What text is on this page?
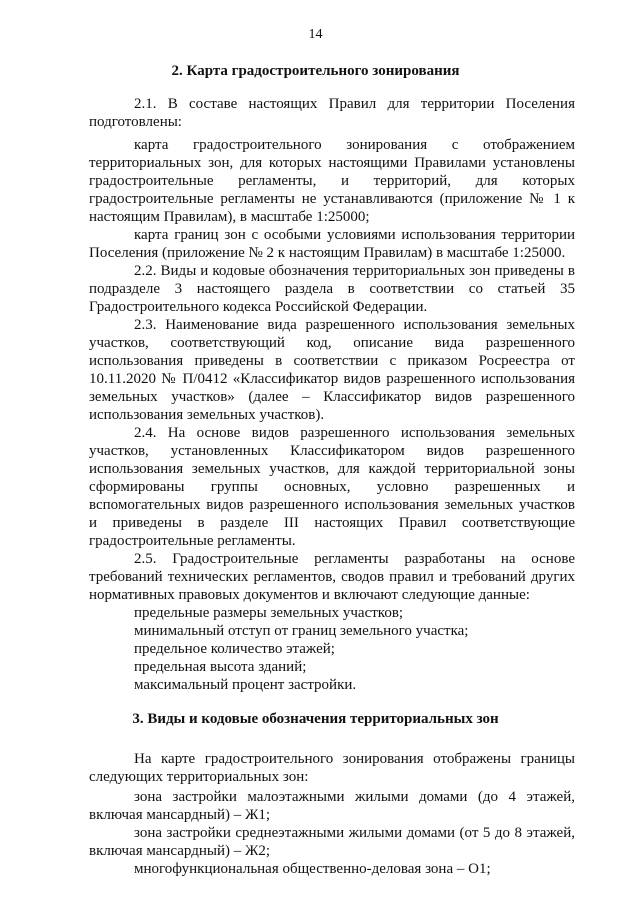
14
2. Карта градостроительного зонирования
2.1. В составе настоящих Правил для территории Поселения
подготовлены:
карта градостроительного зонирования с отображением
территориальных зон, для которых настоящими Правилами установлены
градостроительные регламенты, и территорий, для которых
градостроительные регламенты не устанавливаются (приложение № 1 к
настоящим Правилам), в масштабе 1:25000;
карта границ зон с особыми условиями использования территории
Поселения (приложение № 2 к настоящим Правилам) в масштабе 1:25000.
2.2. Виды и кодовые обозначения территориальных зон приведены в
подразделе 3 настоящего раздела в соответствии со статьей 35
Градостроительного кодекса Российской Федерации.
2.3. Наименование вида разрешенного использования земельных
участков, соответствующий код, описание вида разрешенного
использования приведены в соответствии с приказом Росреестра от
10.11.2020 № П/0412 «Классификатор видов разрешенного использования
земельных участков» (далее – Классификатор видов разрешенного
использования земельных участков).
2.4. На основе видов разрешенного использования земельных
участков, установленных Классификатором видов разрешенного
использования земельных участков, для каждой территориальной зоны
сформированы группы основных, условно разрешенных и
вспомогательных видов разрешенного использования земельных участков
и приведены в разделе III настоящих Правил соответствующие
градостроительные регламенты.
2.5. Градостроительные регламенты разработаны на основе
требований технических регламентов, сводов правил и требований других
нормативных правовых документов и включают следующие данные:
предельные размеры земельных участков;
минимальный отступ от границ земельного участка;
предельное количество этажей;
предельная высота зданий;
максимальный процент застройки.
3. Виды и кодовые обозначения территориальных зон
На карте градостроительного зонирования отображены границы
следующих территориальных зон:
зона застройки малоэтажными жилыми домами (до 4 этажей,
включая мансардный) – Ж1;
зона застройки среднеэтажными жилыми домами (от 5 до 8 этажей,
включая мансардный) – Ж2;
многофункциональная общественно-деловая зона – О1;
